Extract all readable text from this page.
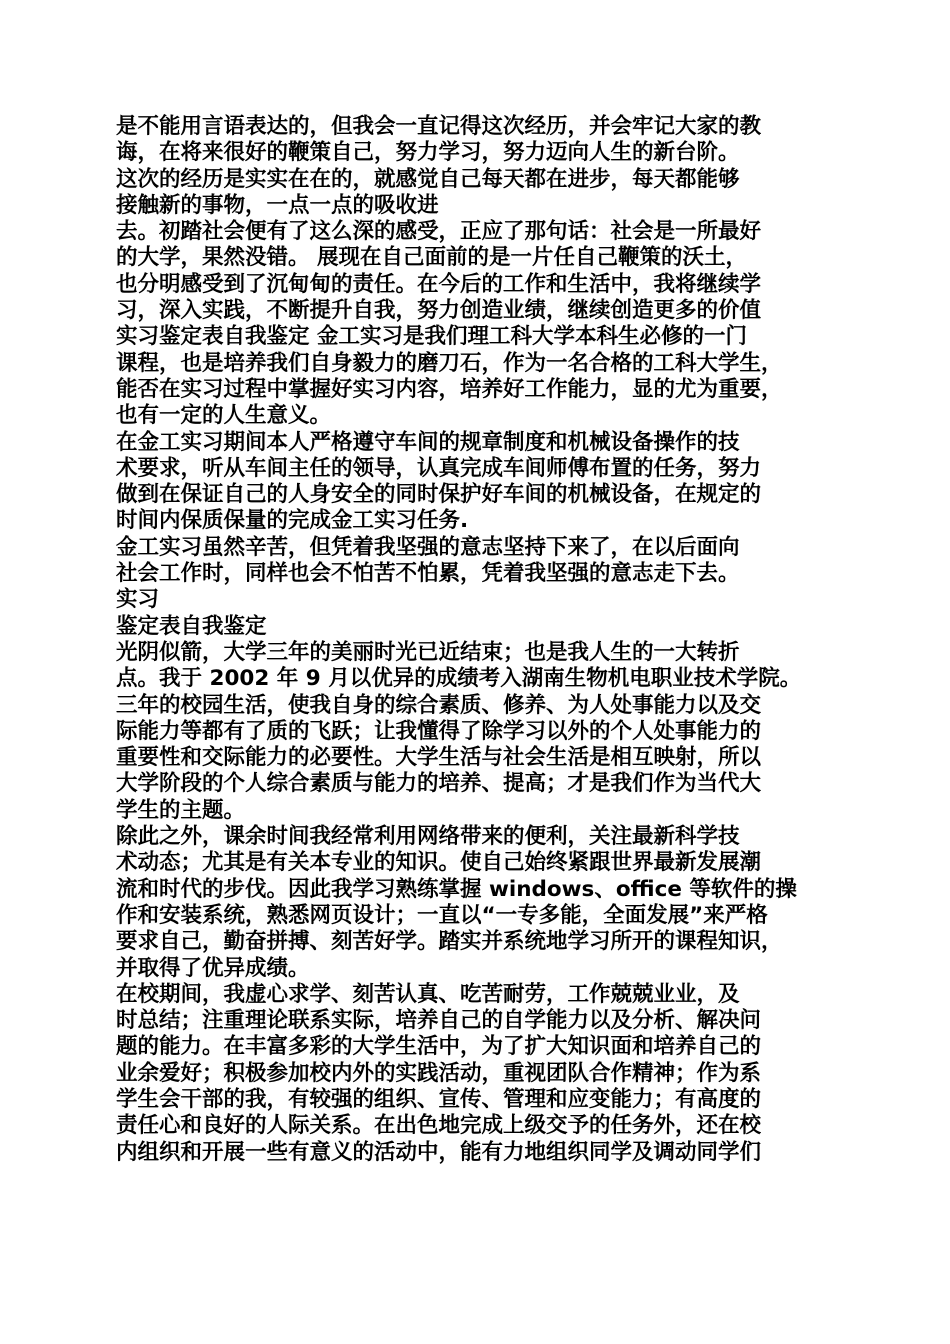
是不能用言语表达的，但我会一直记得这次经历，并会牢记大家的教
诲，在将来很好的鞭策自己，努力学习，努力迈向人生的新台阶。
这次的经历是实实在在的，就感觉自己每天都在进步，每天都能够
接触新的事物，一点一点的吸收进
去。初踏社会便有了这么深的感受，正应了那句话：社会是一所最好
的大学，果然没错。 展现在自己面前的是一片任自己鞭策的沃土，
也分明感受到了沉甸甸的责任。在今后的工作和生活中，我将继续学
习，深入实践，不断提升自我，努力创造业绩，继续创造更多的价值
实习鉴定表自我鉴定 金工实习是我们理工科大学本科生必修的一门
课程，也是培养我们自身毅力的磨刀石，作为一名合格的工科大学生，
能否在实习过程中掌握好实习内容，培养好工作能力，显的尤为重要，
也有一定的人生意义。
在金工实习期间本人严格遵守车间的规章制度和机械设备操作的技
术要求，听从车间主任的领导，认真完成车间师傅布置的任务，努力
做到在保证自己的人身安全的同时保护好车间的机械设备，在规定的
时间内保质保量的完成金工实习任务.
金工实习虽然辛苦，但凭着我坚强的意志坚持下来了，在以后面向
社会工作时，同样也会不怕苦不怕累，凭着我坚强的意志走下去。
实习
鉴定表自我鉴定
光阴似箭，大学三年的美丽时光已近结束；也是我人生的一大转折
点。我于 2002 年 9 月以优异的成绩考入湖南生物机电职业技术学院。
三年的校园生活，使我自身的综合素质、修养、为人处事能力以及交
际能力等都有了质的飞跃；让我懂得了除学习以外的个人处事能力的
重要性和交际能力的必要性。大学生活与社会生活是相互映射，所以
大学阶段的个人综合素质与能力的培养、提高；才是我们作为当代大
学生的主题。
除此之外，课余时间我经常利用网络带来的便利，关注最新科学技
术动态；尤其是有关本专业的知识。使自己始终紧跟世界最新发展潮
流和时代的步伐。因此我学习熟练掌握 windows、office 等软件的操
作和安装系统，熟悉网页设计；一直以“一专多能，全面发展”来严格
要求自己，勤奋拼搏、刻苦好学。踏实并系统地学习所开的课程知识，
并取得了优异成绩。
在校期间，我虚心求学、刻苦认真、吃苦耐劳，工作兢兢业业，及
时总结；注重理论联系实际，培养自己的自学能力以及分析、解决问
题的能力。在丰富多彩的大学生活中，为了扩大知识面和培养自己的
业余爱好；积极参加校内外的实践活动，重视团队合作精神；作为系
学生会干部的我，有较强的组织、宣传、管理和应变能力；有高度的
责任心和良好的人际关系。在出色地完成上级交予的任务外，还在校
内组织和开展一些有意义的活动中，能有力地组织同学及调动同学们
